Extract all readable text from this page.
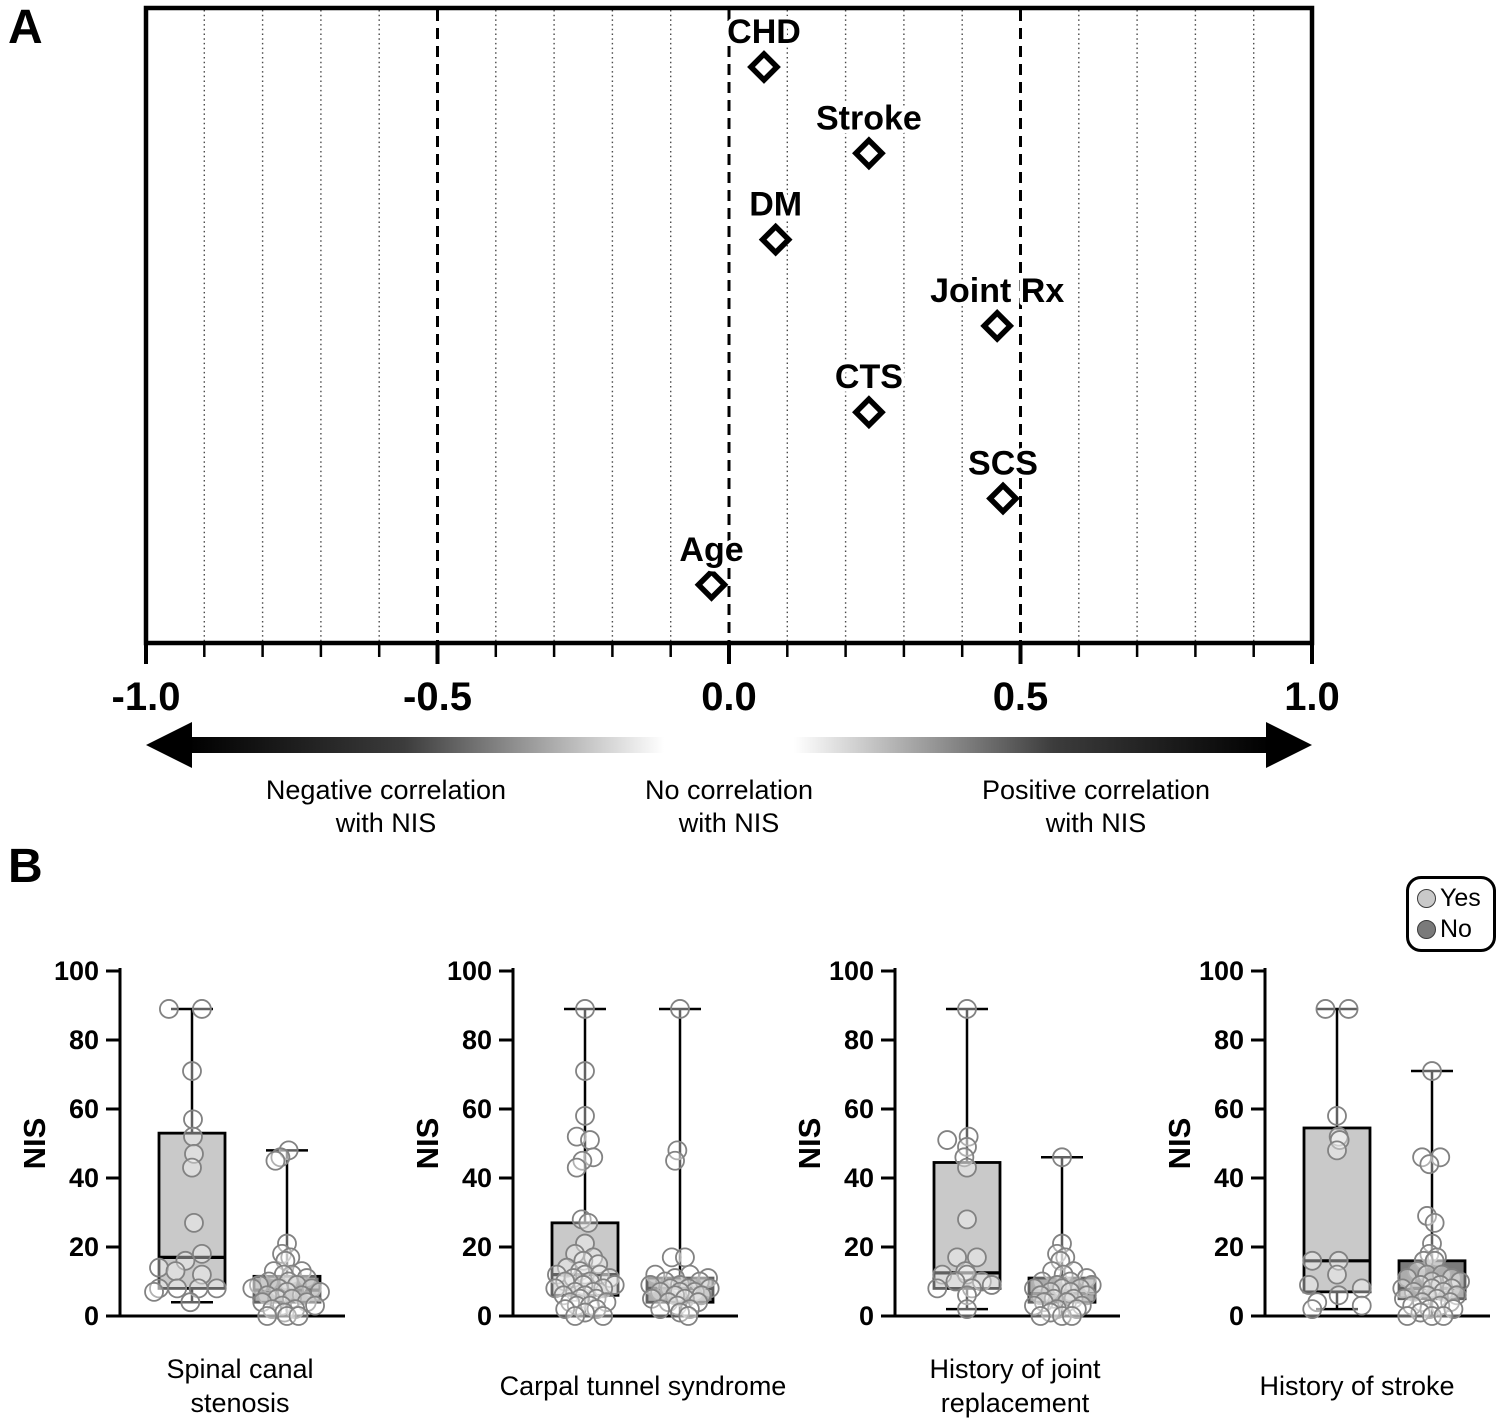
A
B
-1.0	-0.5	0.0	0.5	1.0
CHD
Stroke
DM
Joint Rx
CTS
SCS
Age
Negative correlation
with NIS
No correlation
with NIS
Positive correlation
with NIS
Yes
No
0
20
40
60
80
100
NIS
0
20
40
60
80
100
NIS
0
20
40
60
80
100
NIS
0
20
40
60
80
100
NIS
Spinal canal
stenosis
Carpal tunnel syndrome
History of joint
replacement
History of stroke
